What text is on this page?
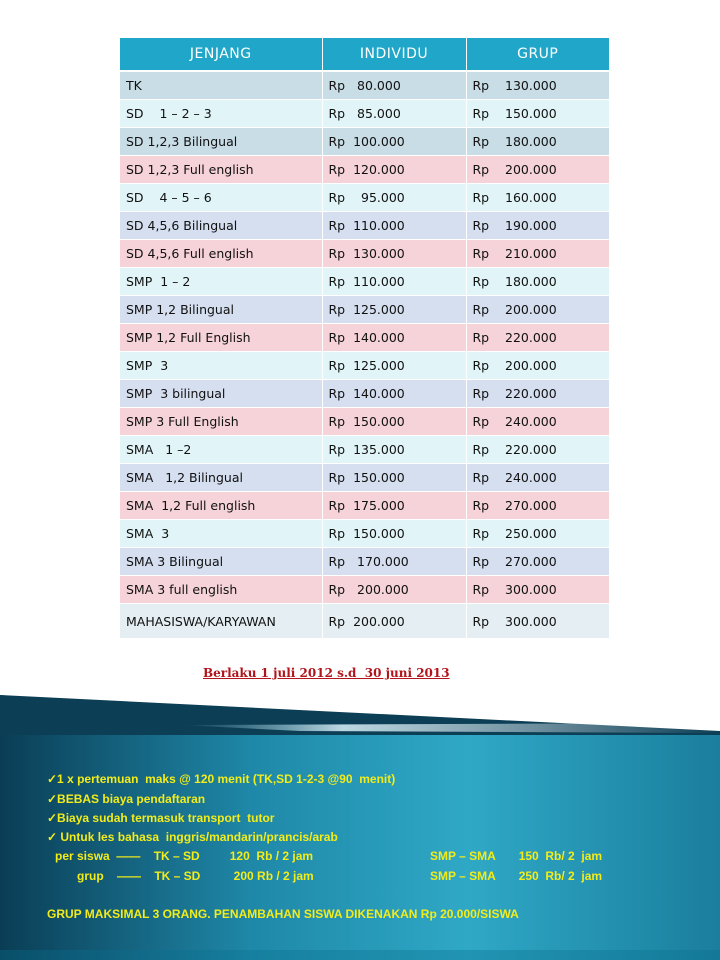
JENJANG	INDIVIDU	GRUP
TK	Rp   80.000	Rp    130.000
SD    1 – 2 – 3	Rp   85.000	Rp    150.000
SD 1,2,3 Bilingual	Rp  100.000	Rp    180.000
SD 1,2,3 Full english	Rp  120.000	Rp    200.000
SD    4 – 5 – 6	Rp    95.000	Rp    160.000
SD 4,5,6 Bilingual	Rp  110.000	Rp    190.000
SD 4,5,6 Full english	Rp  130.000	Rp    210.000
SMP  1 – 2	Rp  110.000	Rp    180.000
SMP 1,2 Bilingual	Rp  125.000	Rp    200.000
SMP 1,2 Full English	Rp  140.000	Rp    220.000
SMP  3	Rp  125.000	Rp    200.000
SMP  3 bilingual	Rp  140.000	Rp    220.000
SMP 3 Full English	Rp  150.000	Rp    240.000
SMA   1 –2	Rp  135.000	Rp    220.000
SMA   1,2 Bilingual	Rp  150.000	Rp    240.000
SMA  1,2 Full english	Rp  175.000	Rp    270.000
SMA  3	Rp  150.000	Rp    250.000
SMA 3 Bilingual	Rp   170.000	Rp    270.000
SMA 3 full english	Rp   200.000	Rp    300.000
MAHASISWA/KARYAWAN	Rp  200.000	Rp    300.000
Berlaku 1 juli 2012 s.d  30 juni 2013
✓1 x pertemuan  maks @ 120 menit (TK,SD 1-2-3 @90  menit)
✓BEBAS biaya pendaftaran
✓Biaya sudah termasuk transport  tutor
✓ Untuk les bahasa  inggris/mandarin/prancis/arab
per siswa  ——    TK – SD         120  Rb / 2 jam	SMP – SMA       150  Rb/ 2  jam
grup    ——    TK – SD          200 Rb / 2 jam	SMP – SMA       250  Rb/ 2  jam
GRUP MAKSIMAL 3 ORANG. PENAMBAHAN SISWA DIKENAKAN Rp 20.000/SISWA
